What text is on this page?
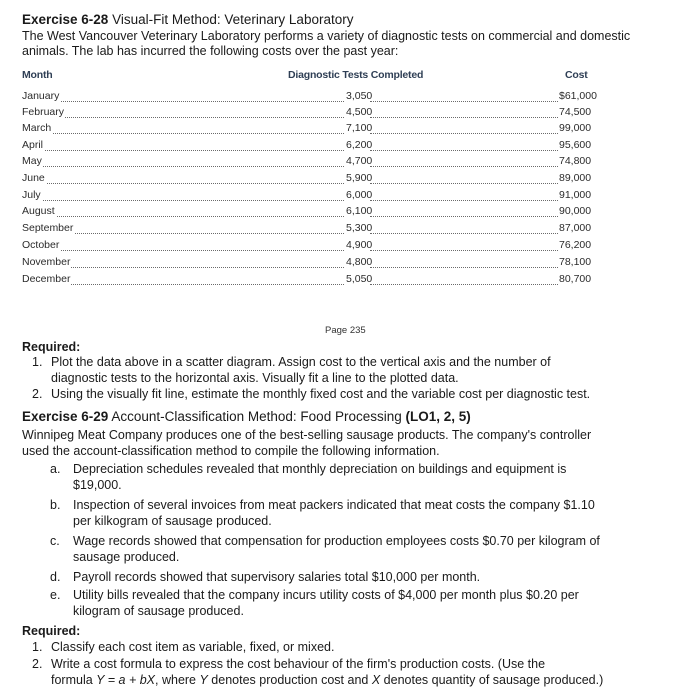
Exercise 6-28 Visual-Fit Method: Veterinary Laboratory
The West Vancouver Veterinary Laboratory performs a variety of diagnostic tests on commercial and domestic animals. The lab has incurred the following costs over the past year:
Month	Diagnostic Tests Completed	Cost
January	3,050	$61,000
February	4,500	74,500
March	7,100	99,000
April	6,200	95,600
May	4,700	74,800
June	5,900	89,000
July	6,000	91,000
August	6,100	90,000
September	5,300	87,000
October	4,900	76,200
November	4,800	78,100
December	5,050	80,700
Page 235
Required:
1. Plot the data above in a scatter diagram. Assign cost to the vertical axis and the number of
diagnostic tests to the horizontal axis. Visually fit a line to the plotted data.
2. Using the visually fit line, estimate the monthly fixed cost and the variable cost per diagnostic test.
Exercise 6-29 Account-Classification Method: Food Processing (LO1, 2, 5)
Winnipeg Meat Company produces one of the best-selling sausage products. The company's controller
used the account-classification method to compile the following information.
a. Depreciation schedules revealed that monthly depreciation on buildings and equipment is
$19,000.
b. Inspection of several invoices from meat packers indicated that meat costs the company $1.10
per kilkogram of sausage produced.
c. Wage records showed that compensation for production employees costs $0.70 per kilogram of
sausage produced.
d. Payroll records showed that supervisory salaries total $10,000 per month.
e. Utility bills revealed that the company incurs utility costs of $4,000 per month plus $0.20 per
kilogram of sausage produced.
Required:
1. Classify each cost item as variable, fixed, or mixed.
2. Write a cost formula to express the cost behaviour of the firm's production costs. (Use the
formula Y = a + bX, where Y denotes production cost and X denotes quantity of sausage produced.)
